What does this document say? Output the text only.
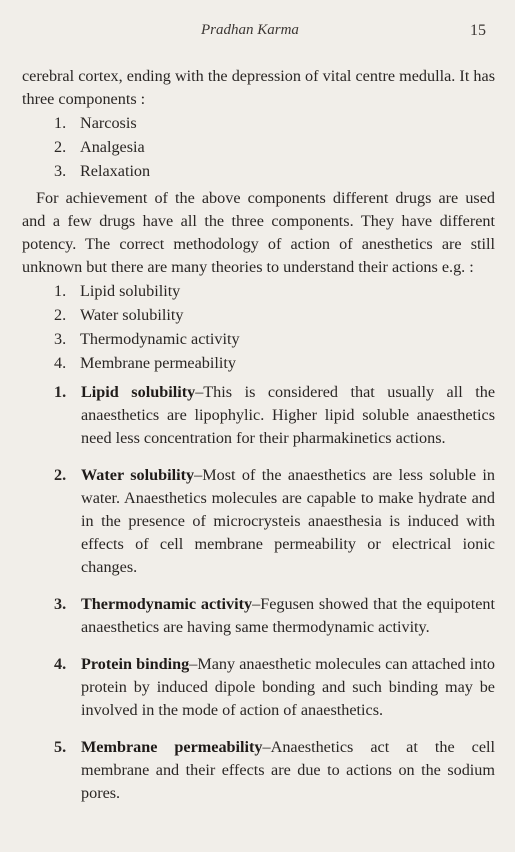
Pradhan Karma	15

cerebral cortex, ending with the depression of vital centre medulla. It has three components :

1. Narcosis
2. Analgesia
3. Relaxation

For achievement of the above components different drugs are used and a few drugs have all the three components. They have different potency. The correct methodology of action of anesthetics are still unknown but there are many theories to understand their actions e.g. :

1. Lipid solubility
2. Water solubility
3. Thermodynamic activity
4. Membrane permeability
1. Lipid solubility–This is considered that usually all the anaesthetics are lipophylic. Higher lipid soluble anaesthetics need less concentration for their pharmakinetics actions.
2. Water solubility–Most of the anaesthetics are less soluble in water. Anaesthetics molecules are capable to make hydrate and in the presence of microcrysteis anaesthesia is induced with effects of cell membrane permeability or electrical ionic changes.
3. Thermodynamic activity–Fegusen showed that the equipotent anaesthetics are having same thermodynamic activity.
4. Protein binding–Many anaesthetic molecules can attached into protein by induced dipole bonding and such binding may be involved in the mode of action of anaesthetics.
5. Membrane permeability–Anaesthetics act at the cell membrane and their effects are due to actions on the sodium pores.
